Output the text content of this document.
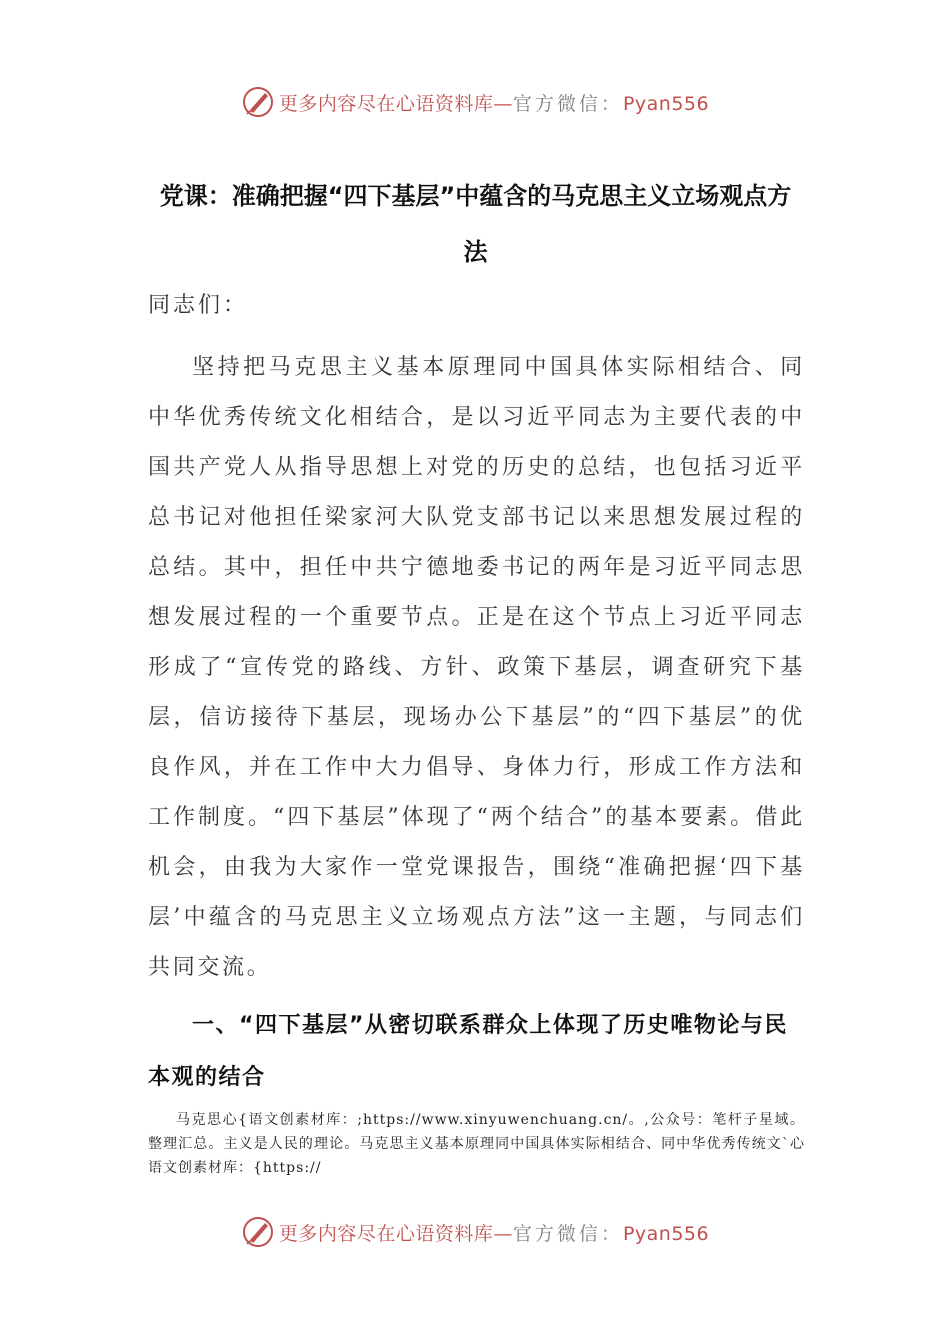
更多内容尽在心语资料库—官方微信：Pyan556
党课：准确把握“四下基层”中蕴含的马克思主义立场观点方法
同志们：

坚持把马克思主义基本原理同中国具体实际相结合、同中华优秀传统文化相结合，是以习近平同志为主要代表的中国共产党人从指导思想上对党的历史的总结，也包括习近平总书记对他担任梁家河大队党支部书记以来思想发展过程的总结。其中，担任中共宁德地委书记的两年是习近平同志思想发展过程的一个重要节点。正是在这个节点上习近平同志形成了“宣传党的路线、方针、政策下基层，调查研究下基层，信访接待下基层，现场办公下基层”的“四下基层”的优良作风，并在工作中大力倡导、身体力行，形成工作方法和工作制度。“四下基层”体现了“两个结合”的基本要素。借此机会，由我为大家作一堂党课报告，围绕“准确把握‘四下基层’中蕴含的马克思主义立场观点方法”这一主题，与同志们共同交流。

一、“四下基层”从密切联系群众上体现了历史唯物论与民本观的结合

马克思心{语文创素材库：;https://www.xinyuwenchuang.cn/。,公众号：笔杆子星域。整理汇总。主义是人民的理论。马克思主义基本原理同中国具体实际相结合、同中华优秀传统文`心语文创素材库：{https://

更多内容尽在心语资料库—官方微信：Pyan556
